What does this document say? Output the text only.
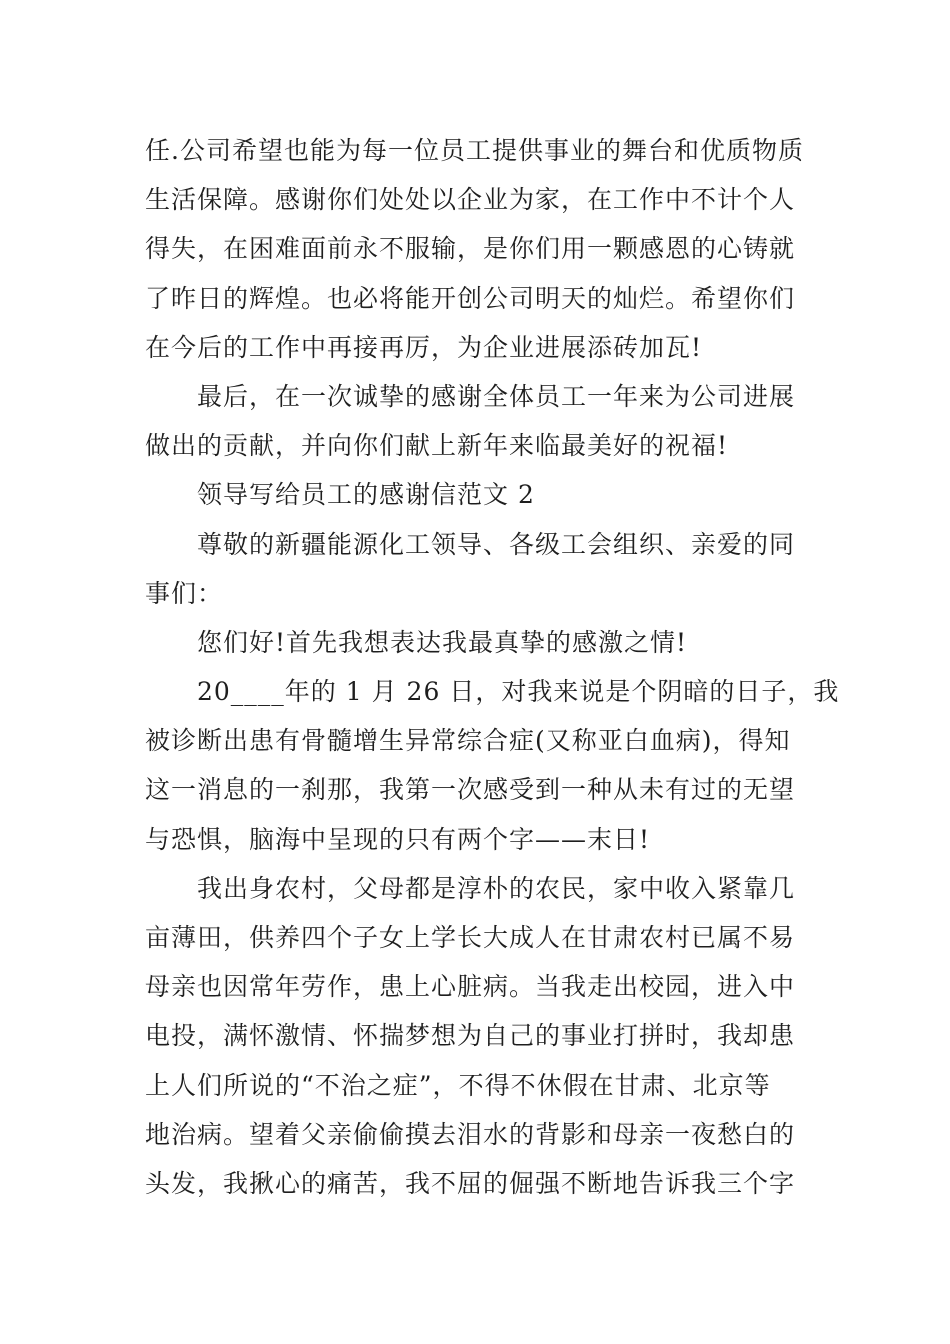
任.公司希望也能为每一位员工提供事业的舞台和优质物质
生活保障。感谢你们处处以企业为家，在工作中不计个人
得失，在困难面前永不服输，是你们用一颗感恩的心铸就
了昨日的辉煌。也必将能开创公司明天的灿烂。希望你们
在今后的工作中再接再厉，为企业进展添砖加瓦!
最后，在一次诚挚的感谢全体员工一年来为公司进展
做出的贡献，并向你们献上新年来临最美好的祝福!
领导写给员工的感谢信范文 2
尊敬的新疆能源化工领导、各级工会组织、亲爱的同
事们：
您们好!首先我想表达我最真挚的感激之情!
20____年的 1 月 26 日，对我来说是个阴暗的日子，我
被诊断出患有骨髓增生异常综合症(又称亚白血病)，得知
这一消息的一刹那，我第一次感受到一种从未有过的无望
与恐惧，脑海中呈现的只有两个字——末日!
我出身农村，父母都是淳朴的农民，家中收入紧靠几
亩薄田，供养四个子女上学长大成人在甘肃农村已属不易
母亲也因常年劳作，患上心脏病。当我走出校园，进入中
电投，满怀激情、怀揣梦想为自己的事业打拼时，我却患
上人们所说的“不治之症”，不得不休假在甘肃、北京等
地治病。望着父亲偷偷摸去泪水的背影和母亲一夜愁白的
头发，我揪心的痛苦，我不屈的倔强不断地告诉我三个字
